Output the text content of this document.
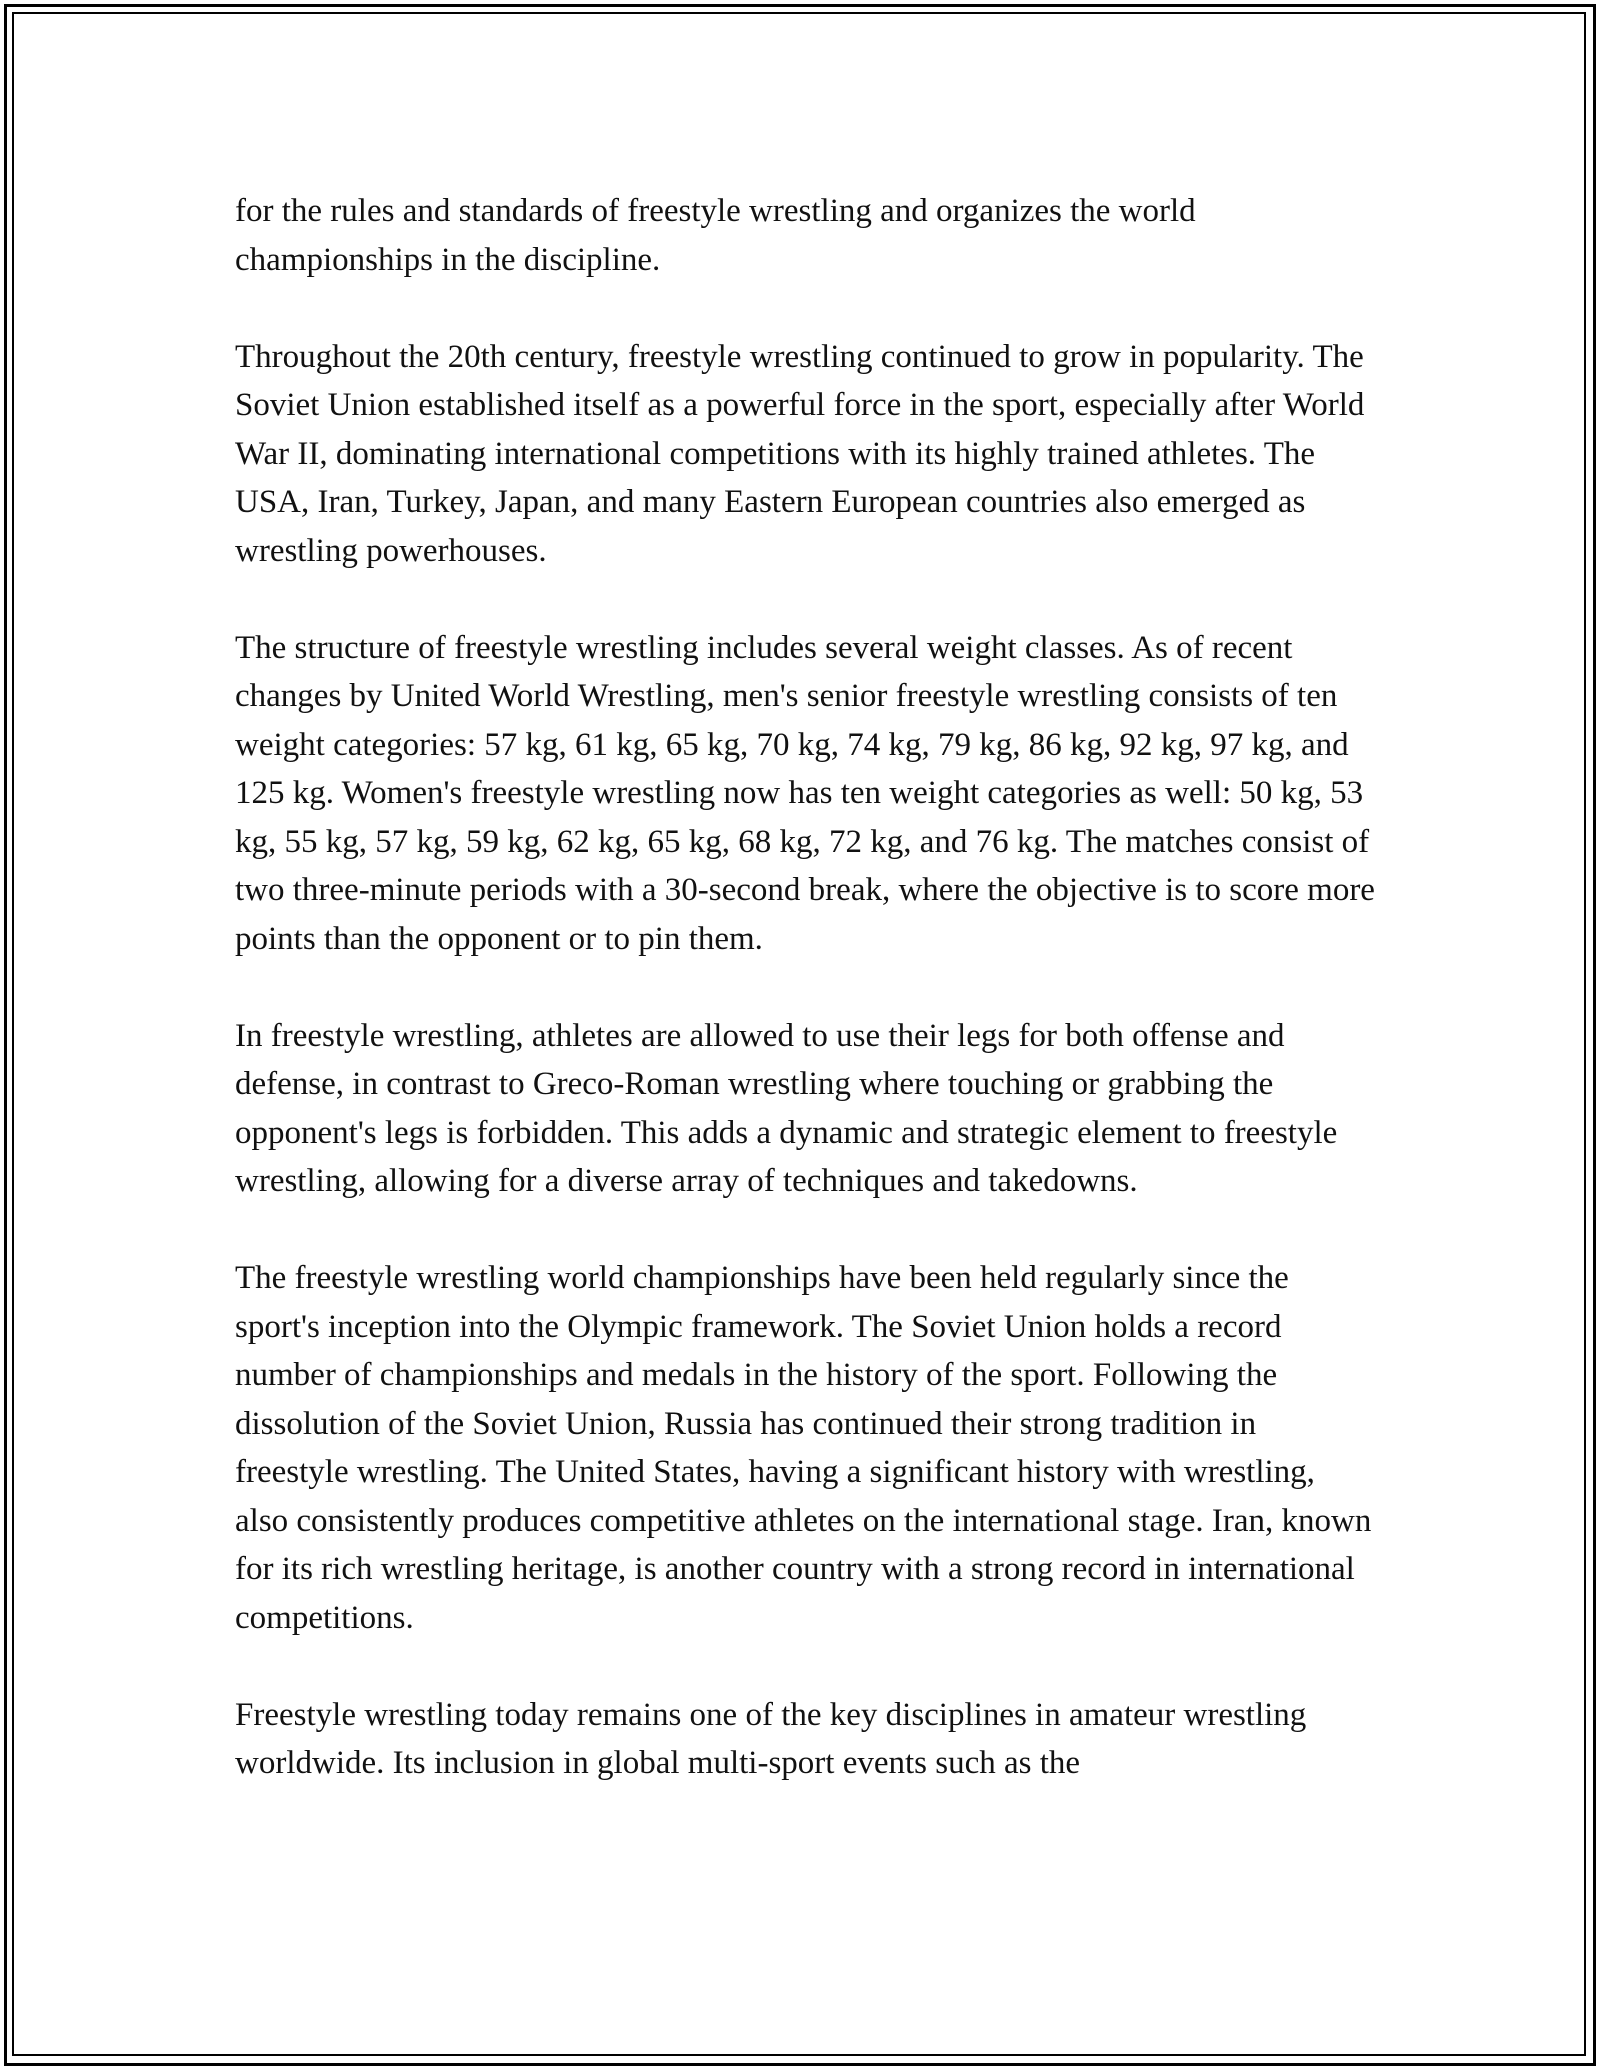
for the rules and standards of freestyle wrestling and organizes the world championships in the discipline.

Throughout the 20th century, freestyle wrestling continued to grow in popularity. The Soviet Union established itself as a powerful force in the sport, especially after World War II, dominating international competitions with its highly trained athletes. The USA, Iran, Turkey, Japan, and many Eastern European countries also emerged as wrestling powerhouses.

The structure of freestyle wrestling includes several weight classes. As of recent changes by United World Wrestling, men's senior freestyle wrestling consists of ten weight categories: 57 kg, 61 kg, 65 kg, 70 kg, 74 kg, 79 kg, 86 kg, 92 kg, 97 kg, and 125 kg. Women's freestyle wrestling now has ten weight categories as well: 50 kg, 53 kg, 55 kg, 57 kg, 59 kg, 62 kg, 65 kg, 68 kg, 72 kg, and 76 kg. The matches consist of two three-minute periods with a 30-second break, where the objective is to score more points than the opponent or to pin them.

In freestyle wrestling, athletes are allowed to use their legs for both offense and defense, in contrast to Greco-Roman wrestling where touching or grabbing the opponent's legs is forbidden. This adds a dynamic and strategic element to freestyle wrestling, allowing for a diverse array of techniques and takedowns.

The freestyle wrestling world championships have been held regularly since the sport's inception into the Olympic framework. The Soviet Union holds a record number of championships and medals in the history of the sport. Following the dissolution of the Soviet Union, Russia has continued their strong tradition in freestyle wrestling. The United States, having a significant history with wrestling, also consistently produces competitive athletes on the international stage. Iran, known for its rich wrestling heritage, is another country with a strong record in international competitions.

Freestyle wrestling today remains one of the key disciplines in amateur wrestling worldwide. Its inclusion in global multi-sport events such as the
